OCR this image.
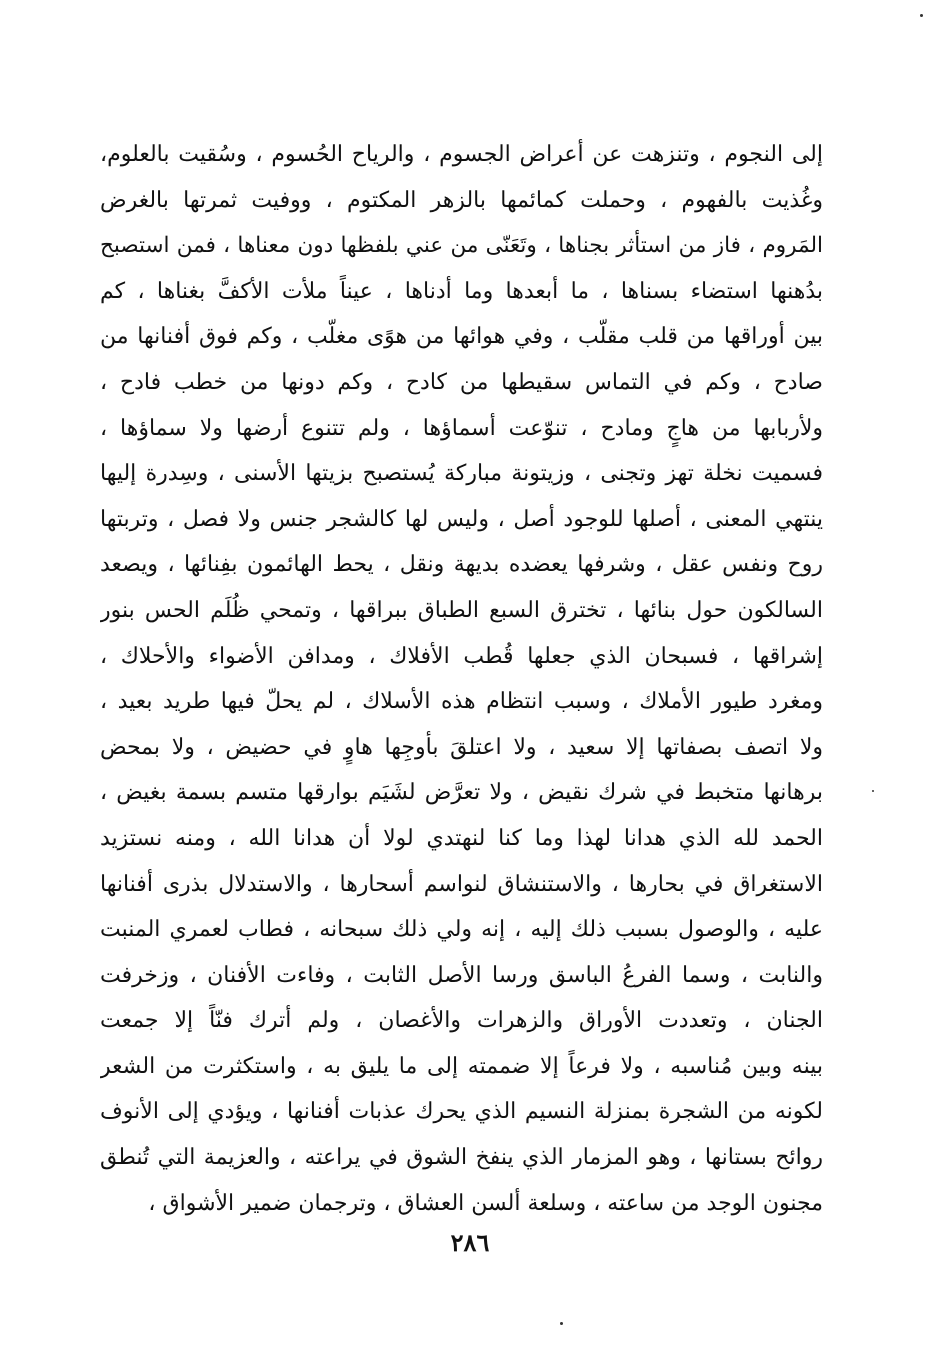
إلى النجوم ، وتنزهت عن أعراض الجسوم ، والرياح الحُسوم ، وسُقيت بالعلوم،
وغُذيت بالفهوم ، وحملت كمائمها بالزهر المكتوم ، ووفيت ثمرتها بالغرض
المَروم ، فاز من استأثر بجناها ، وتَعَنّى من عني بلفظها دون معناها ، فمن استصبح
بدُهنها استضاء بسناها ، ما أبعدها وما أدناها ، عيناً ملأت الأكفَّ بغناها ، كم
بين أوراقها من قلب مقلّب ، وفي هوائها من هوًى مغلّب ، وكم فوق أفنانها من
صادح ، وكم في التماس سقيطها من كادح ، وكم دونها من خطب فادح ،
ولأربابها من هاجٍ ومادح ، تنوّعت أسماؤها ، ولم تتنوع أرضها ولا سماؤها ،
فسميت نخلة تهز وتجنى ، وزيتونة مباركة يُستصبح بزيتها الأسنى ، وسِدرة إليها
ينتهي المعنى ، أصلها للوجود أصل ، وليس لها كالشجر جنس ولا فصل ، وتربتها
روح ونفس عقل ، وشرفها يعضده بديهة ونقل ، يحط الهائمون بفِنائها ، ويصعد
السالكون حول بنائها ، تخترق السبع الطباق ببراقها ، وتمحي ظُلَم الحس بنور
إشراقها ، فسبحان الذي جعلها قُطب الأفلاك ، ومدافن الأضواء والأحلاك ،
ومغرد طيور الأملاك ، وسبب انتظام هذه الأسلاك ، لم يحلّ فيها طريد بعيد ،
ولا اتصف بصفاتها إلا سعيد ، ولا اعتلقَ بأوجِها هاوٍ في حضيض ، ولا بمحض
برهانها متخبط في شرك نقيض ، ولا تعرَّض لشَيَم بوارقها متسم بسمة بغيض ،
الحمد لله الذي هدانا لهذا وما كنا لنهتدي لولا أن هدانا الله ، ومنه نستزيد
الاستغراق في بحارها ، والاستنشاق لنواسم أسحارها ، والاستدلال بذرى أفنانها
عليه ، والوصول بسبب ذلك إليه ، إنه ولي ذلك سبحانه ، فطاب لعمري المنبت
والنابت ، وسما الفرعُ الباسق ورسا الأصل الثابت ، وفاءت الأفنان ، وزخرفت
الجنان ، وتعددت الأوراق والزهرات والأغصان ، ولم أترك فنّاً إلا جمعت
بينه وبين مُناسبه ، ولا فرعاً إلا ضممته إلى ما يليق به ، واستكثرت من الشعر
لكونه من الشجرة بمنزلة النسيم الذي يحرك عذبات أفنانها ، ويؤدي إلى الأنوف
روائح بستانها ، وهو المزمار الذي ينفخ الشوق في يراعته ، والعزيمة التي تُنطق
مجنون الوجد من ساعته ، وسلعة ألسن العشاق ، وترجمان ضمير الأشواق ،
٢٨٦
